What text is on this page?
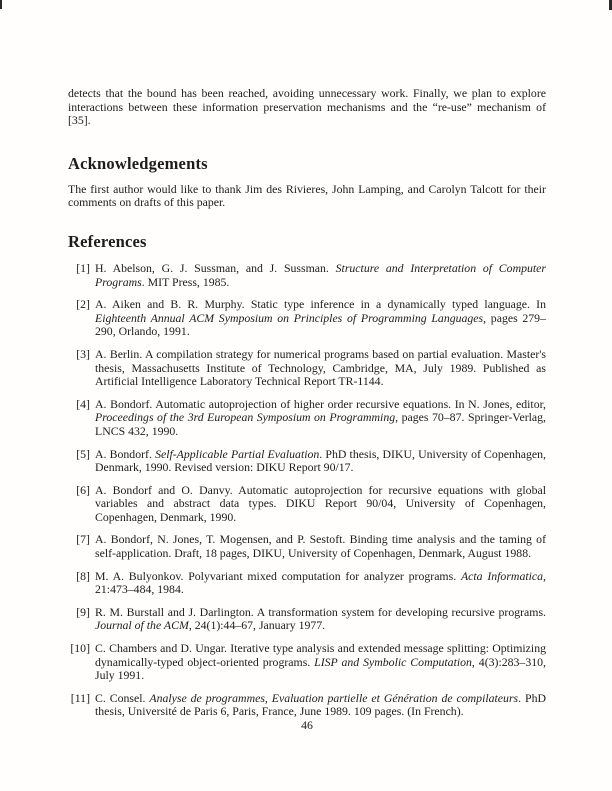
detects that the bound has been reached, avoiding unnecessary work. Finally, we plan to explore interactions between these information preservation mechanisms and the “re-use” mechanism of [35].

Acknowledgements

The first author would like to thank Jim des Rivieres, John Lamping, and Carolyn Talcott for their comments on drafts of this paper.

References
[1] H. Abelson, G. J. Sussman, and J. Sussman. Structure and Interpretation of Computer Programs. MIT Press, 1985.
[2] A. Aiken and B. R. Murphy. Static type inference in a dynamically typed language. In Eighteenth Annual ACM Symposium on Principles of Programming Languages, pages 279–290, Orlando, 1991.
[3] A. Berlin. A compilation strategy for numerical programs based on partial evaluation. Master's thesis, Massachusetts Institute of Technology, Cambridge, MA, July 1989. Published as Artificial Intelligence Laboratory Technical Report TR-1144.
[4] A. Bondorf. Automatic autoprojection of higher order recursive equations. In N. Jones, editor, Proceedings of the 3rd European Symposium on Programming, pages 70–87. Springer-Verlag, LNCS 432, 1990.
[5] A. Bondorf. Self-Applicable Partial Evaluation. PhD thesis, DIKU, University of Copenhagen, Denmark, 1990. Revised version: DIKU Report 90/17.
[6] A. Bondorf and O. Danvy. Automatic autoprojection for recursive equations with global variables and abstract data types. DIKU Report 90/04, University of Copenhagen, Copenhagen, Denmark, 1990.
[7] A. Bondorf, N. Jones, T. Mogensen, and P. Sestoft. Binding time analysis and the taming of self-application. Draft, 18 pages, DIKU, University of Copenhagen, Denmark, August 1988.
[8] M. A. Bulyonkov. Polyvariant mixed computation for analyzer programs. Acta Informatica, 21:473–484, 1984.
[9] R. M. Burstall and J. Darlington. A transformation system for developing recursive programs. Journal of the ACM, 24(1):44–67, January 1977.
[10] C. Chambers and D. Ungar. Iterative type analysis and extended message splitting: Optimizing dynamically-typed object-oriented programs. LISP and Symbolic Computation, 4(3):283–310, July 1991.
[11] C. Consel. Analyse de programmes, Evaluation partielle et Génération de compilateurs. PhD thesis, Université de Paris 6, Paris, France, June 1989. 109 pages. (In French).

46
